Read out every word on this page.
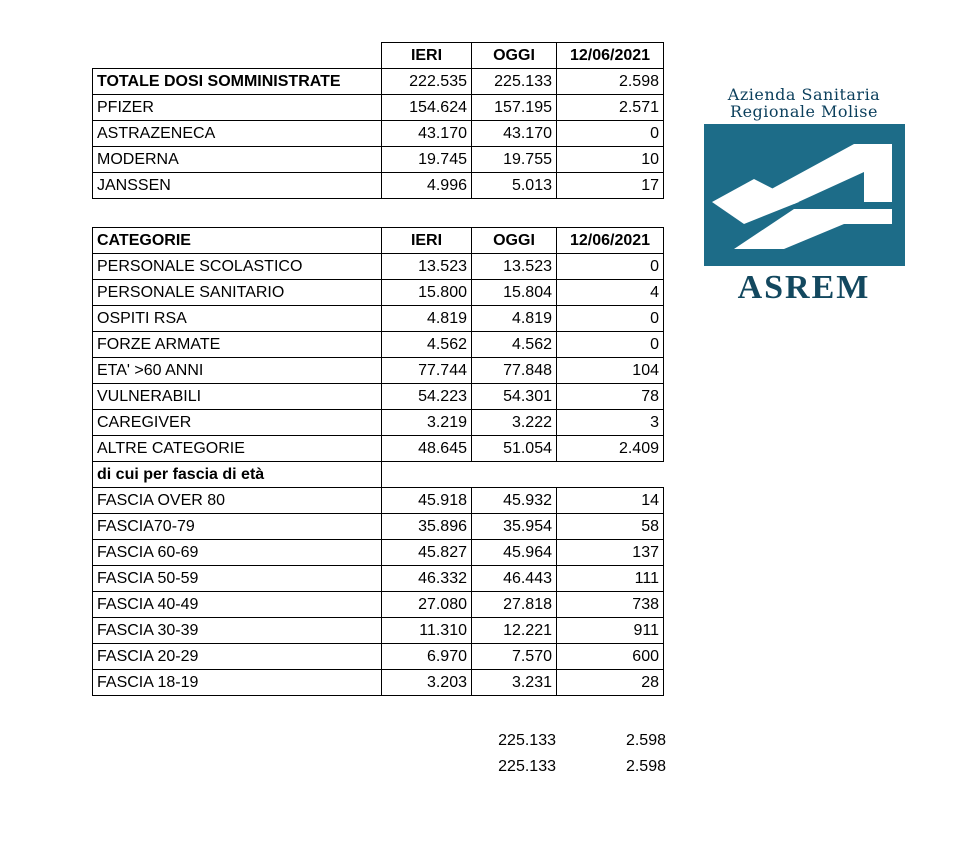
	IERI	OGGI	12/06/2021
TOTALE DOSI SOMMINISTRATE	222.535	225.133	2.598
PFIZER	154.624	157.195	2.571
ASTRAZENECA	43.170	43.170	0
MODERNA	19.745	19.755	10
JANSSEN	4.996	5.013	17
CATEGORIE	IERI	OGGI	12/06/2021
PERSONALE SCOLASTICO	13.523	13.523	0
PERSONALE SANITARIO	15.800	15.804	4
OSPITI RSA	4.819	4.819	0
FORZE ARMATE	4.562	4.562	0
ETA' >60 ANNI	77.744	77.848	104
VULNERABILI	54.223	54.301	78
CAREGIVER	3.219	3.222	3
ALTRE CATEGORIE	48.645	51.054	2.409
di cui per fascia di età			
FASCIA OVER 80	45.918	45.932	14
FASCIA70-79	35.896	35.954	58
FASCIA 60-69	45.827	45.964	137
FASCIA 50-59	46.332	46.443	111
FASCIA 40-49	27.080	27.818	738
FASCIA 30-39	11.310	12.221	911
FASCIA 20-29	6.970	7.570	600
FASCIA 18-19	3.203	3.231	28
225.133	2.598
225.133	2.598
Azienda Sanitaria
Regionale Molise
ASREM
